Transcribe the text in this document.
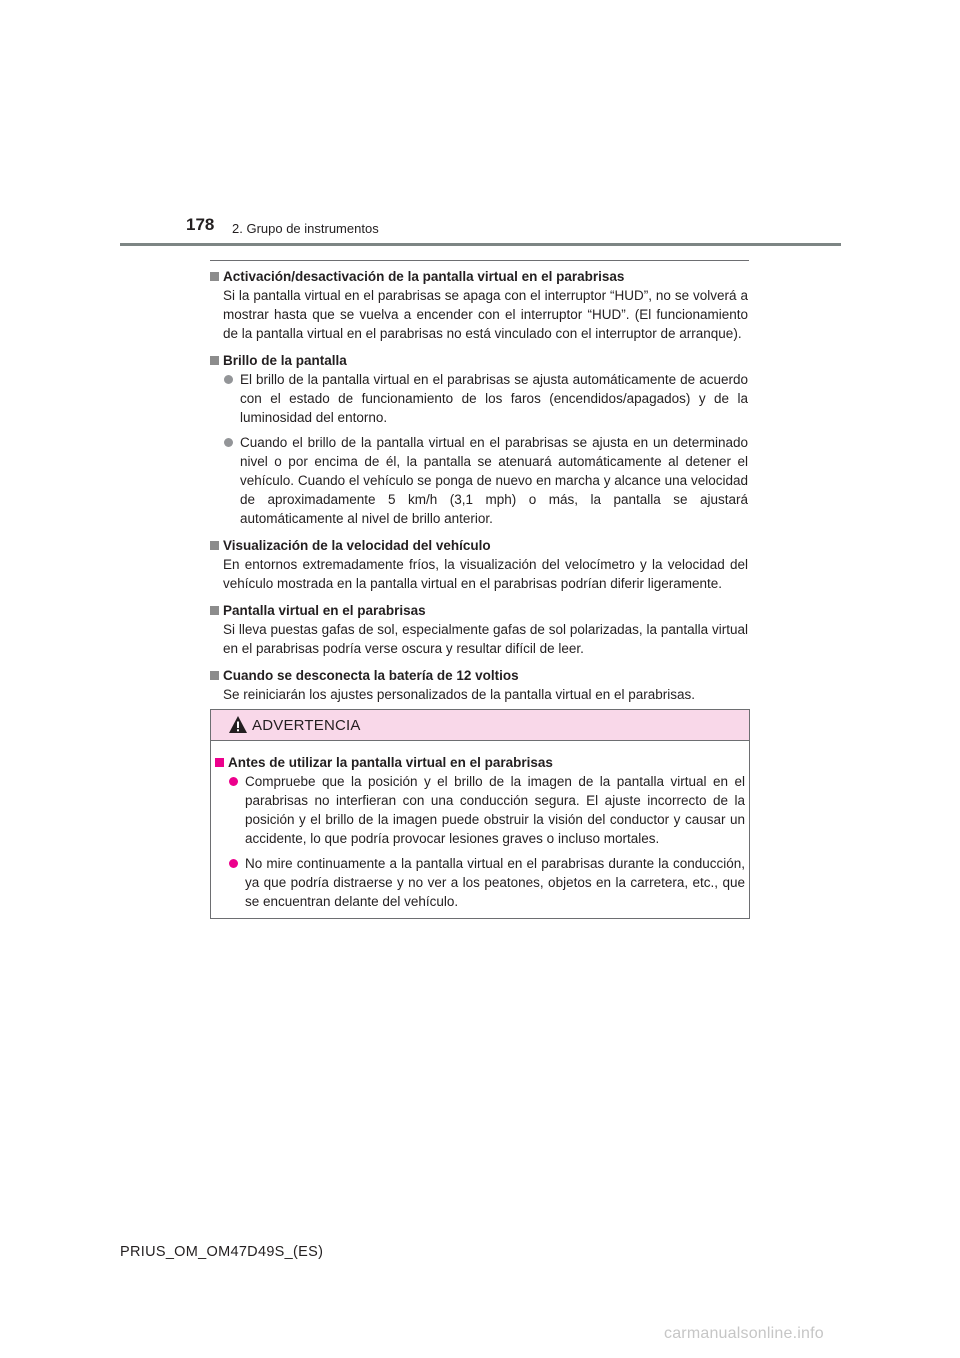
178 2. Grupo de instrumentos
Activación/desactivación de la pantalla virtual en el parabrisas
Si la pantalla virtual en el parabrisas se apaga con el interruptor “HUD”, no se volverá a mostrar hasta que se vuelva a encender con el interruptor “HUD”. (El funcionamiento de la pantalla virtual en el parabrisas no está vinculado con el interruptor de arranque).
Brillo de la pantalla
El brillo de la pantalla virtual en el parabrisas se ajusta automáticamente de acuerdo con el estado de funcionamiento de los faros (encendidos/apagados) y de la luminosidad del entorno.
Cuando el brillo de la pantalla virtual en el parabrisas se ajusta en un determinado nivel o por encima de él, la pantalla se atenuará automáticamente al detener el vehículo. Cuando el vehículo se ponga de nuevo en marcha y alcance una velocidad de aproximadamente 5 km/h (3,1 mph) o más, la pantalla se ajustará automáticamente al nivel de brillo anterior.
Visualización de la velocidad del vehículo
En entornos extremadamente fríos, la visualización del velocímetro y la velocidad del vehículo mostrada en la pantalla virtual en el parabrisas podrían diferir ligeramente.
Pantalla virtual en el parabrisas
Si lleva puestas gafas de sol, especialmente gafas de sol polarizadas, la pantalla virtual en el parabrisas podría verse oscura y resultar difícil de leer.
Cuando se desconecta la batería de 12 voltios
Se reiniciarán los ajustes personalizados de la pantalla virtual en el parabrisas.
ADVERTENCIA
Antes de utilizar la pantalla virtual en el parabrisas
Compruebe que la posición y el brillo de la imagen de la pantalla virtual en el parabrisas no interfieran con una conducción segura. El ajuste incorrecto de la posición y el brillo de la imagen puede obstruir la visión del conductor y causar un accidente, lo que podría provocar lesiones graves o incluso mortales.
No mire continuamente a la pantalla virtual en el parabrisas durante la conducción, ya que podría distraerse y no ver a los peatones, objetos en la carretera, etc., que se encuentran delante del vehículo.
PRIUS_OM_OM47D49S_(ES)
carmanualsonline.info
